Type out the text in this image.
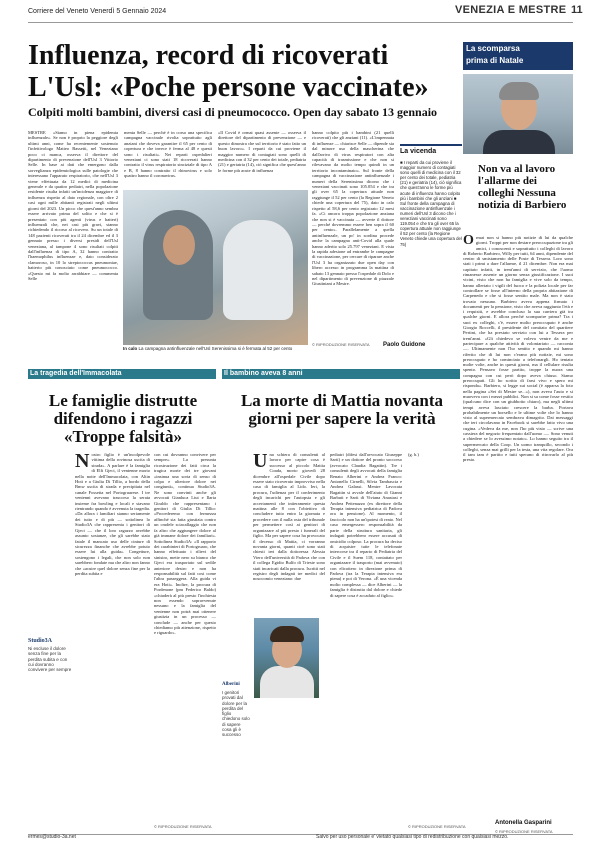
Corriere del Veneto Venerdì 5 Gennaio 2024	VENEZIA E MESTRE 11
Influenza, record di ricoverati
L'Usl: «Poche persone vaccinate»
Colpiti molti bambini, diversi casi di pneumococco. Open day sabato 13 gennaio

MESTRE «Siamo in piena epidemia influenzale». Se non è proprio la peggiore degli ultimi anni, come ha recentemente sostenuto l'infettivologo Matteo Bassetti, nel Veneziano poco ci manca, osserva il direttore del dipartimento di prevenzione dell'Usl 3 Vittorio Selle. In base ai dati che emergono dalla sorveglianza epidemiologica sulle patologie che interessano l'apparato respiratorio, che nell'Usl 3 viene effettuata da 12 medici di medicina generale e da quattro pediatri, nella popolazione residente risulta infatti un'incidenza maggiore di influenza rispetto al dato regionale, con oltre 2 casi ogni mille abitanti registrati negli ultimi giorni del 2023. Un picco che quest'anno sembra essere arrivato prima del solito e che si è presentato con più agenti (virus e batteri) influenzali che, nei casi più gravi, stanno richiedendo il ricorso al ricovero. Su un totale di 148 pazienti ricoverati tra il 24 dicembre ed il 3 gennaio presso i diversi presidi dell'Usl veneziana, al tampone 4 sono risultati colpiti dall'influenza di tipo A, 32 hanno contratto l'haemophilus influenzae e, dato considerato clamoroso, in 10 lo streptococcus pneumoniae, batterio più conosciuto come pneumococco. «Questo mi fa molto arrabbiare — commenta Selle

menta Selle — perché è in corso una specifica campagna vaccinale rivolta soprattutto agli anziani che doveva garantire il 65 per cento di copertura e che invece è ferma al 48 e questi sono i risultati». Nei reparti ospedalieri veneziani ci sono stati 18 ricoverati hanno contratto il virus respiratorio sinciziale di tipo A e B, 8 hanno contratto il rhinovirus e solo quattro hanno il coronavirus.

«Il Covid è ormai quasi assente — osserva il direttore del dipartimento di prevenzione — e questo dimostra che sul territorio è stato fatto un buon lavoro». I reparti da cui proviene il maggior numero di contagiati sono quelli di medicina con il 32 per cento dei totale, pediatria (21) e geriatria (14), ciò significa che quest'anno le forme più acute di influenza

hanno colpito più i bambini (21 quelli ricoverati) che gli anziani (11). «L'impennata di influenze — chiarisce Selle — dipende sia dal minore uso della mascherina che dall'arrivo di virus respiratori con alta capacità di trasmissione e che non si rilevavano da molto tempo quindi in un territorio incontaminato». Sul fronte della campagna di vaccinazione antinfluenzale i numeri della Serenissima dicono che i veneziani vaccinati sono 105.054 e che tra gli over 65 la copertura attuale non raggiunge il 52 per cento (la Regione Veneto chiede una copertura del 75), dato in calo rispetto al 58,6 per cento registrato 12 mesi fa. «Ci ancora troppa popolazione anziana che non si è vaccinata — avverte il dottore — perché dovremmo essere ben sopra il 60 per cento». Parallelamente a quella antinfluenzale, un po' in sordina procede anche la campagna anti-Covid alla quale hanno aderito solo 25.797 veneziani. E vista la rapida adesione ad entrambe le campagne di vaccinazione, per cercare di riparare anche l'Usl 3 ha organizzato due open day con libero accesso in programma la mattina di sabato 13 gennaio presso l'ospedale di Dolo e nel dipartimento di prevenzione di piazzale Giustiniani a Mestre.

In calo La campagna antinfluenzale nell'Usl Serenissima si è fermata al 52 per cento
© RIPRODUZIONE RISERVATA Paolo Guidone
La vicenda
■ I reparti da cui proviene il maggior numero di contagiati sono quelli di medicina con il 32 per cento dei totale, pediatria (21) e geriatria (14), ciò significa che quest'anno le forme più acute di influenza hanno colpito più i bambini che gli anziani ■ Sul fronte della campagna di vaccinazione antinfluenzale i numeri dell'Usl 3 dicono che i veneziani vaccinati sono 119.054 e che tra gli over 65 la copertura attuale non raggiunge il 52 per cento (la Regione Veneto chiede una copertura del 75)
La scomparsa
prima di Natale
Non va al lavoro l'allarme dei colleghi Nessuna notizia di Barbiero
Ormai non si hanno più notizie di lui da qualche giorni. Troppi per non destare preoccupazione tra gli amici, i conoscenti e soprattutto i colleghi di lavoro di Roberto Barbiero, Willy per tutti, 64 anni, dipendente del centro di smistamento delle Poste di Tessera. Loro sono stati i primi a dare l'allarme, il 21 dicembre. Non era mai capitato infatti, in trent'anni di servizio, che l'uomo rimanesse assente un giorno senza giustificazione. I suoi vicini, visto che non ha famiglia e vive solo da tempo, hanno allertato i vigili del fuoco e la polizia locale per far controllare se fosse all'interno della propria abitazione di Carpenedo e che si fosse sentito male. Ma non è stato trovato nessuno. Barbiero aveva appena firmato i documenti per la pensione, visto che aveva raggiunto l'età e i requisiti, e avrebbe concluso la sua carriera già tra qualche giorni. E allora perché scomparire prima? Tra i suoi ex colleghi, c'è, essere molto preoccupato è anche Giorgio Roccelli, il presidente del comitato del quartiere Pertini, che ha prestato servizio con lui a Tessera per trent'anni. «Gli chiedevo se voleva venire da me e partecipare a qualche attività di volontariato — racconta —. Ultimamente non l'ho sentito e quando mi hanno riferito che di lui non c'erano più notizie, mi sono preoccupato e ho cominciato a telefonargli. Ho tentato molte volte, anche in questi giorni, ma il cellulare risulta spento. Pensavo fosse partito, troppe la nuora una compagna con cui però dopo aveva chiuso. Siamo preoccupati. Gli ho scritto di farsi vivo e spero mi risponda». Barbiero, si legge sui social (è apparsa la foto nella pagina «Sei di Mestre se...»), non aveva l'auto e si muoveva con i mezzi pubblici. Non si sa come fosse vestito (qualcuno dice con un giubbotto chiaro), ma negli ultimi tempi aveva lasciato crescere la barba. Portava probabilmente un borsello e le ultime volte che lo hanno visto al supermercato sembrava dimagrito. Dai messaggi che ieri circolavano in Facebook si sarebbe fatto vivo una cugina. «Vedeva da me, non l'ho più visto — scrive una cassiera del negozio frequentato dall'uomo —. Sono venuti a chiedere se lo avessimo notato». Lo hanno seguito tra il supermercato della Coop. Un uomo tranquillo, secondo i colleghi, senza mai grilli per la testa, una vita regolare. Ora il tam tam è partito e tutti sperano di ritrovarlo al più presto.
Antonella Gasparini
© RIPRODUZIONE RISERVATA
La tragedia dell'Immacolata
Le famiglie distrutte difendono i ragazzi «Troppe falsità»
Nostro figlio è un'incolpevole vittima della rovinosa uscita di strada». A parlare è la famiglia di Elfi Gjeci, il ventenne morto nella notte dell'Immacolata, con Altin Hoti e a Giulia Di Tillio, a bordo della Bmw uscita di strada e precipitata nel canale Fossetta nel Portogruarese. I tre ventenni avevano trascorso la serata insieme fra bowling e locali e stavano rientrando quando è avvenuta la tragedia. «Da allora i familiari stanno seriamente dei tutto e di più — sottolinea lo Studio3A che rappresenta i genitori di Gjeci — che il loro ragazzo avrebbe assunto sostanze, che gli sarebbe stato fatale il mancato uso delle cinture di sicurezza finanche che avrebbe potuto essere lui alla guida». Congetture, sostengono i legali, che non solo non sarebbero fondate ma che altro non fanno che «acuire quel dolore senza fine per la perdita subita e
con cui dovranno convivere per sempre». La presunta ricostruzione dei fatti circa la tragica morte dei tre giovani «insinua una sorta di senso di colpa e ulteriore dolore nei congiunti», continua Studio3A. Ne sono convinti anche gli avvocati Gianluca Liut e Ilaria Giraldo che rappresentano i genitori di Giulia Di Tillio: «Procederemo con fermezza affinché sia fatta giustizia contro un crudele sciacallaggio che non fa altro che aggiungere dolore al già immane dolore dei familiari». Sottolinea Studio3A: «Il rapporto dei carabinieri di Portogruaro, che hanno effettuato i rilievi del sinistro, mette nero su bianco che Gjeci era trasportato sul sedile anteriore destro e non ha responsabilità sul fatti cosi come l'altra passeggera. Alla guida vi era Hoti». Inoltre, la procura di Pordenone (pm Federico Baldo) «chiuderà al più presto l'inchiesta non essendo sopravvenute nessuno e la famiglia del ventenne non potrà mai ottenere giustizia in un processo — conclude — anche per questo chiediamo più attenzione, rispetto e riguardo».
Studio3A
Ni escluse il dolore senza fine per la perdita subita e con cui dovranno convivere per sempre
© RIPRODUZIONE RISERVATA
Il bambino aveva 8 anni
La morte di Mattia novanta giorni per sapere la verità
Una schiera di consulenti al lavoro per capire cosa è successo al piccolo Mattia Coada, morto giovedì 28 dicembre all'ospedale Civile dopo essere stato ricoverato improvviso nella casa di famiglia al Lido. Ieri, la procura, l'udienza per il conferimento degli incarichi per l'autopsia e gli accertamenti che intieramente questa mattina alle 8 con l'obiettivo di concludere tutto entro la giornata e procedere con il nulla osta del tribunale per permettere così ai genitori di organizzare al più presto i funerali del figlio. Ma per sapere cosa ha provocato il decesso di Mattia, ci vorranno novanta giorni, quanti cioè sono stati chiesti ieri dalla dottoressa Alessia Viero dell'università di Padova che con il collega Egidio Bulfo di Trieste sono stati incaricati dalla procura. Iscritti nel registro degli indagati tre medici del nosocomio veneziano: due
pediatri (difesi dall'avvocato Giuseppe Sarti) e un dottore del pronto soccorso (avvocato Claudia Bagattin). Tre i consulenti degli avvocati della famiglia Renato Alberini e Andrea Franco: Antonello Cirnelli, Silvia Tambascia e Andrea Galassi. Mentre Lavocata Bagattin si avvale dell'aiuto di Gianni Barbuti e Sarti di Viviana Anastasi e Andrea Pettenazzo (ex direttore della Terapia intensiva pediatrica di Padova ora in pensione). Al momento, il fascicolo non ha un'ipotesi di reato. Nel caso emergessero responsabilità da parte della struttura sanitaria, gli indagati potrebbero essere accusati di omicidio colposo. La procura ha deciso di acquisire tutte le telefonate intercorse tra il reparto di Pediatria del Civile e il Suem 118, contattato per organizzare il trasporto (mai avvenuto) con elicottero in direzione prima di Padova (tra la Terapia intensiva era piena) e poi di Verona. «È una vicenda molto complessa — dice Alberini — la famiglia è distrutta dal dolore e chiede di sapere cosa è accaduto al figlio».
(g. b.)
Alberini
I genitori provati dal dolore per la perdita del figlio chiedono solo di sapere cosa gli è successo
© RIPRODUZIONE RISERVATA
ermes@studio-3a.net	Salvo per uso personale e' vietato qualsiasi tipo di redistribuzione con qualsiasi mezzo.
